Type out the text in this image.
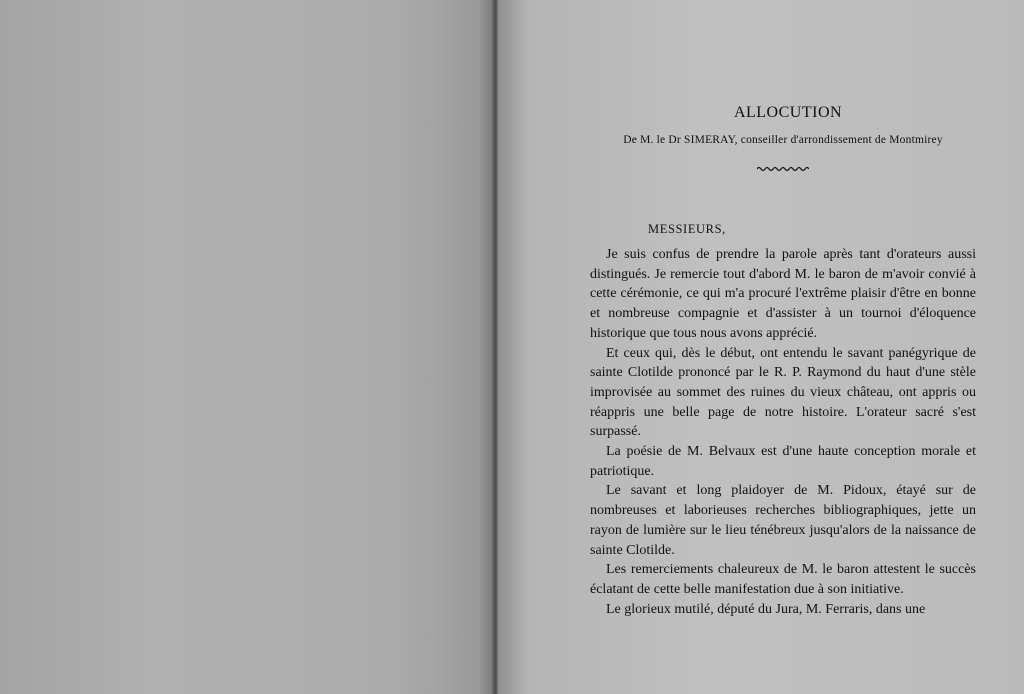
ALLOCUTION
De M. le Dr SIMERAY, conseiller d'arrondissement de Montmirey
MESSIEURS,

Je suis confus de prendre la parole après tant d'orateurs aussi distingués. Je remercie tout d'abord M. le baron de m'avoir convié à cette cérémonie, ce qui m'a procuré l'extrême plaisir d'être en bonne et nombreuse compagnie et d'assister à un tournoi d'éloquence historique que tous nous avons apprécié.

Et ceux qui, dès le début, ont entendu le savant panégyrique de sainte Clotilde prononcé par le R. P. Raymond du haut d'une stèle improvisée au sommet des ruines du vieux château, ont appris ou réappris une belle page de notre histoire. L'orateur sacré s'est surpassé.

La poésie de M. Belvaux est d'une haute conception morale et patriotique.

Le savant et long plaidoyer de M. Pidoux, étayé sur de nombreuses et laborieuses recherches bibliographiques, jette un rayon de lumière sur le lieu ténébreux jusqu'alors de la naissance de sainte Clotilde.

Les remerciements chaleureux de M. le baron attestent le succès éclatant de cette belle manifestation due à son initiative.

Le glorieux mutilé, député du Jura, M. Ferraris, dans une
